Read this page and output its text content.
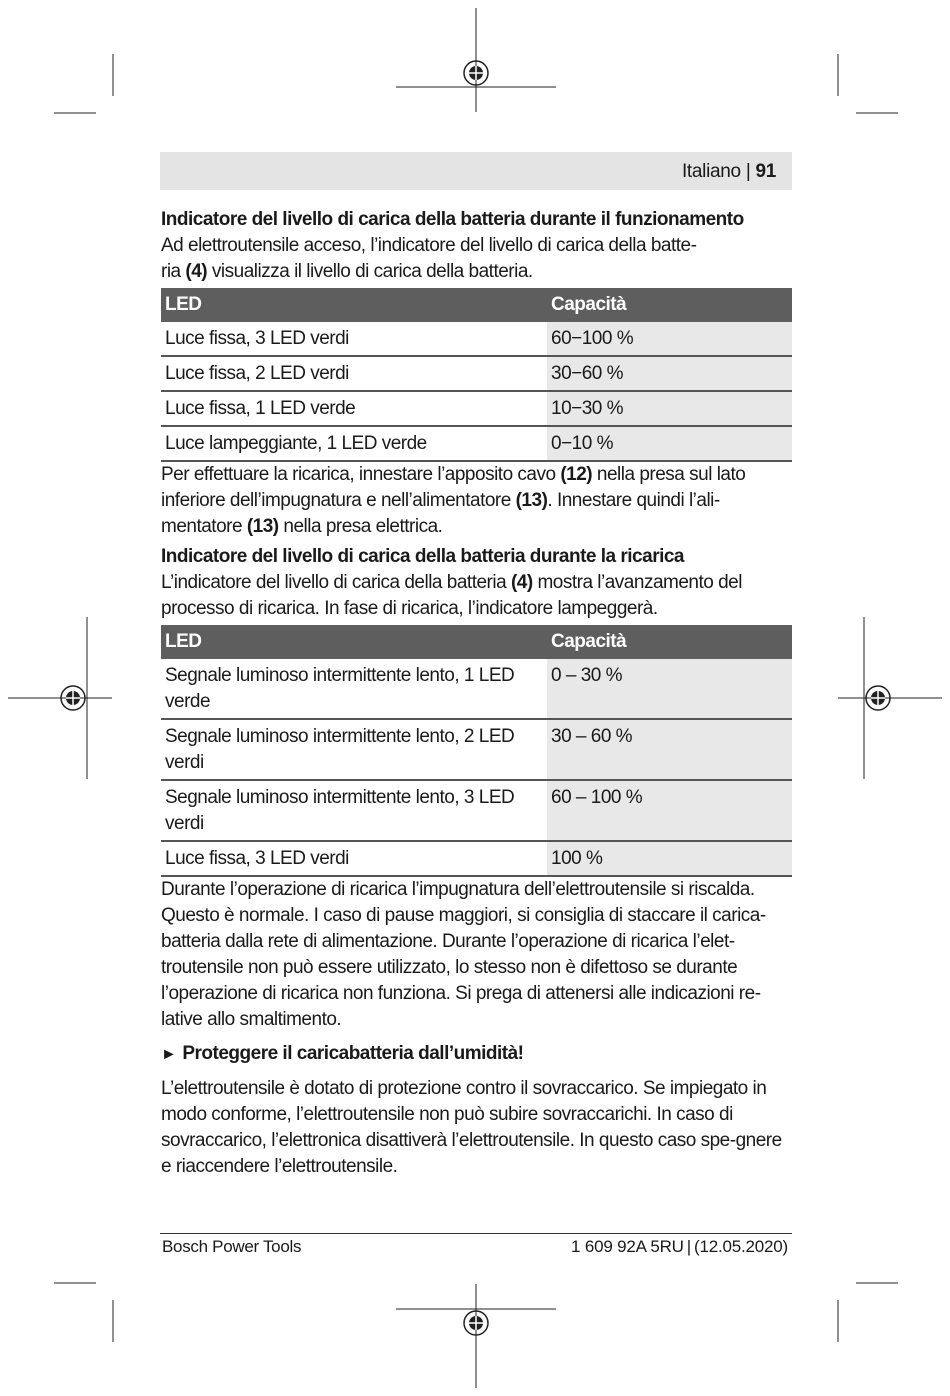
Italiano | 91

Indicatore del livello di carica della batteria durante il funzionamento

Ad elettroutensile acceso, l’indicatore del livello di carica della batte-
ria (4) visualizza il livello di carica della batteria.

LED	Capacità
Luce fissa, 3 LED verdi	60−100 %
Luce fissa, 2 LED verdi	30−60 %
Luce fissa, 1 LED verde	10−30 %
Luce lampeggiante, 1 LED verde	0−10 %

Per effettuare la ricarica, innestare l’apposito cavo (12) nella presa sul lato inferiore dell’impugnatura e nell’alimentatore (13). Innestare quindi l’ali-mentatore (13) nella presa elettrica.

Indicatore del livello di carica della batteria durante la ricarica

L’indicatore del livello di carica della batteria (4) mostra l’avanzamento del processo di ricarica. In fase di ricarica, l’indicatore lampeggerà.

LED	Capacità
Segnale luminoso intermittente lento, 1 LED verde	0 – 30 %
Segnale luminoso intermittente lento, 2 LED verdi	30 – 60 %
Segnale luminoso intermittente lento, 3 LED verdi	60 – 100 %
Luce fissa, 3 LED verdi	100 %

Durante l’operazione di ricarica l’impugnatura dell’elettroutensile si riscalda. Questo è normale. I caso di pause maggiori, si consiglia di staccare il carica-batteria dalla rete di alimentazione. Durante l’operazione di ricarica l’elet-troutensile non può essere utilizzato, lo stesso non è difettoso se durante l’operazione di ricarica non funziona. Si prega di attenersi alle indicazioni re-lative allo smaltimento.

► Proteggere il caricabatteria dall’umidità!

L’elettroutensile è dotato di protezione contro il sovraccarico. Se impiegato in modo conforme, l’elettroutensile non può subire sovraccarichi. In caso di sovraccarico, l’elettronica disattiverà l’elettroutensile. In questo caso spe-gnere e riaccendere l’elettroutensile.

Bosch Power Tools	1 609 92A 5RU | (12.05.2020)
